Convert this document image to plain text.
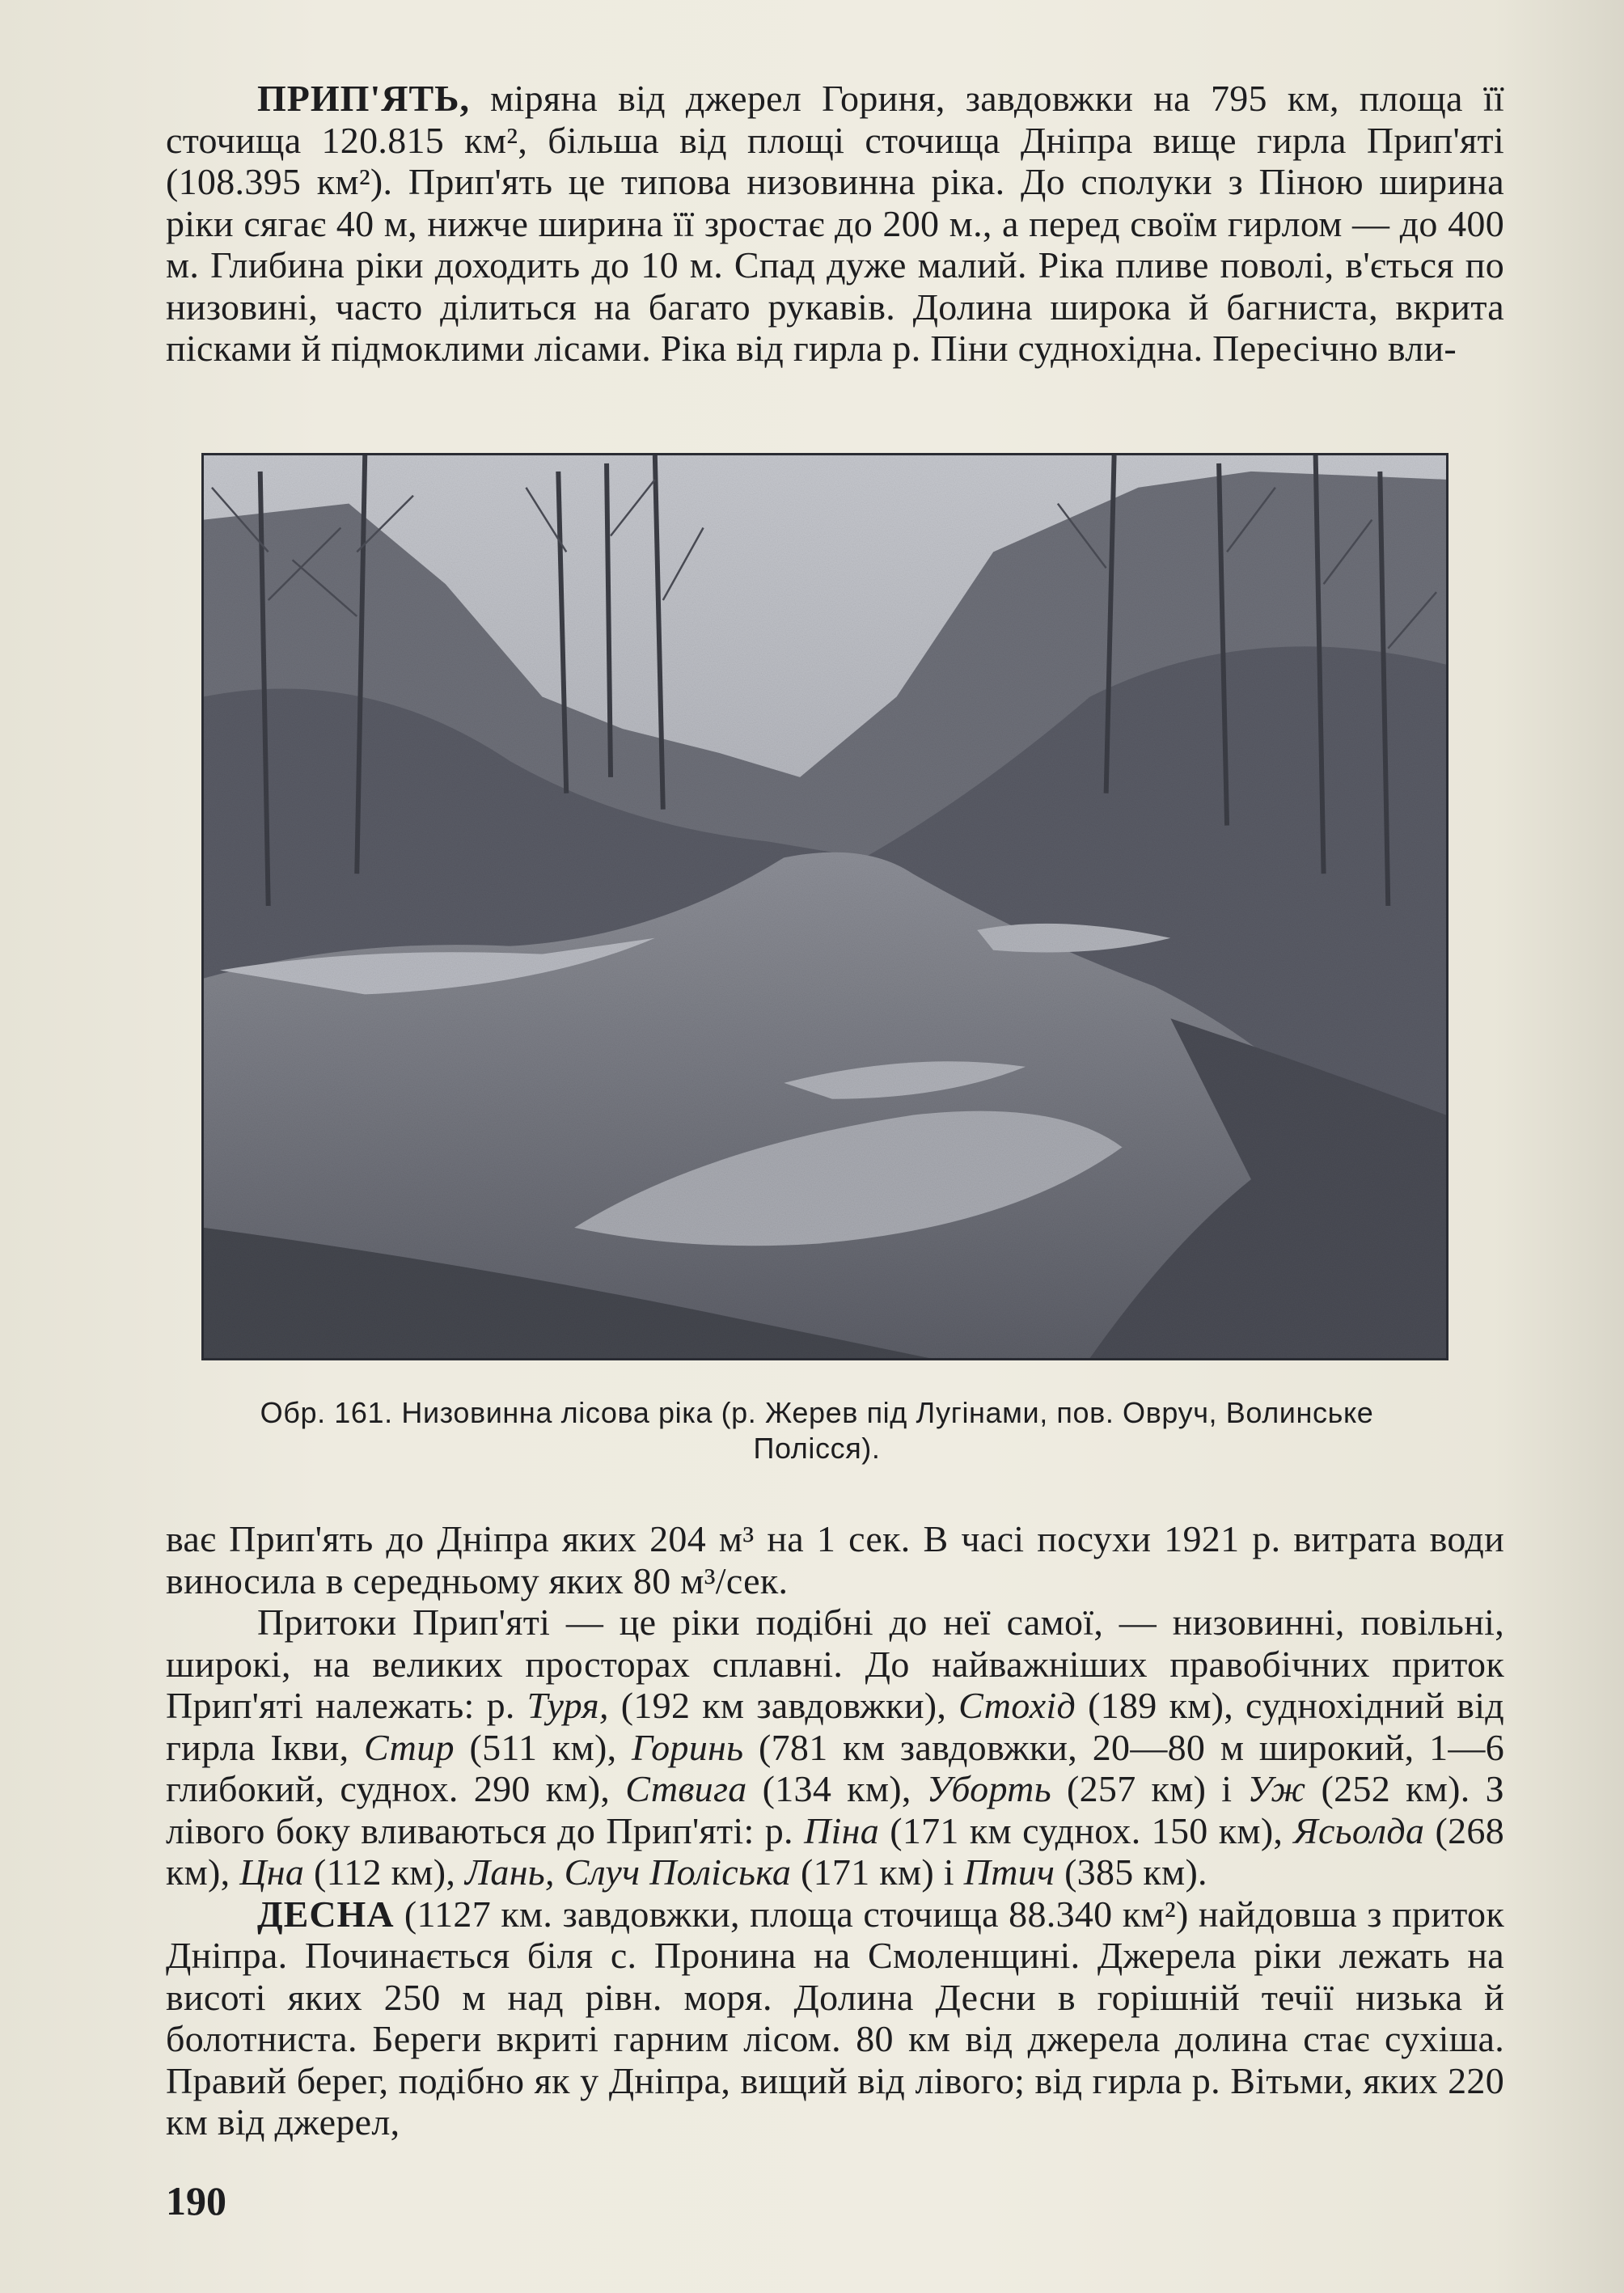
ПРИП'ЯТЬ, міряна від джерел Гориня, завдовжки на 795 км, площа її сточища 120.815 км², більша від площі сточища Дніпра вище гирла Прип'яті (108.395 км²). Прип'ять це типова низовинна ріка. До сполуки з Піною ширина ріки сягає 40 м, нижче ширина її зростає до 200 м., а перед своїм гирлом — до 400 м. Глибина ріки доходить до 10 м. Спад дуже малий. Ріка пливе поволі, в'ється по низовині, часто ділиться на багато рукавів. Долина широка й багниста, вкрита пісками й підмоклими лісами. Ріка від гирла р. Піни суднохідна. Пересічно вли-

Обр. 161. Низовинна лісова ріка (р. Жерев під Лугінами, пов. Овруч, Волинське
Полісся).

ває Прип'ять до Дніпра яких 204 м³ на 1 сек. В часі посухи 1921 р. витрата води виносила в середньому яких 80 м³/сек.

Притоки Прип'яті — це ріки подібні до неї самої, — низовинні, повільні, широкі, на великих просторах сплавні. До найважніших правобічних приток Прип'яті належать: р. Туря, (192 км завдовжки), Стохід (189 км), суднохідний від гирла Ікви, Стир (511 км), Горинь (781 км завдовжки, 20—80 м широкий, 1—6 глибокий, суднох. 290 км), Ствига (134 км), Уборть (257 км) і Уж (252 км). З лівого боку вливаються до Прип'яті: р. Піна (171 км суднох. 150 км), Ясьолда (268 км), Цна (112 км), Лань, Случ Поліська (171 км) і Птич (385 км).

ДЕСНА (1127 км. завдовжки, площа сточища 88.340 км²) найдовша з приток Дніпра. Починається біля с. Пронина на Смоленщині. Джерела ріки лежать на висоті яких 250 м над рівн. моря. Долина Десни в горішній течії низька й болотниста. Береги вкриті гарним лісом. 80 км від джерела долина стає сухіша. Правий берег, подібно як у Дніпра, вищий від лівого; від гирла р. Вітьми, яких 220 км від джерел,

190
